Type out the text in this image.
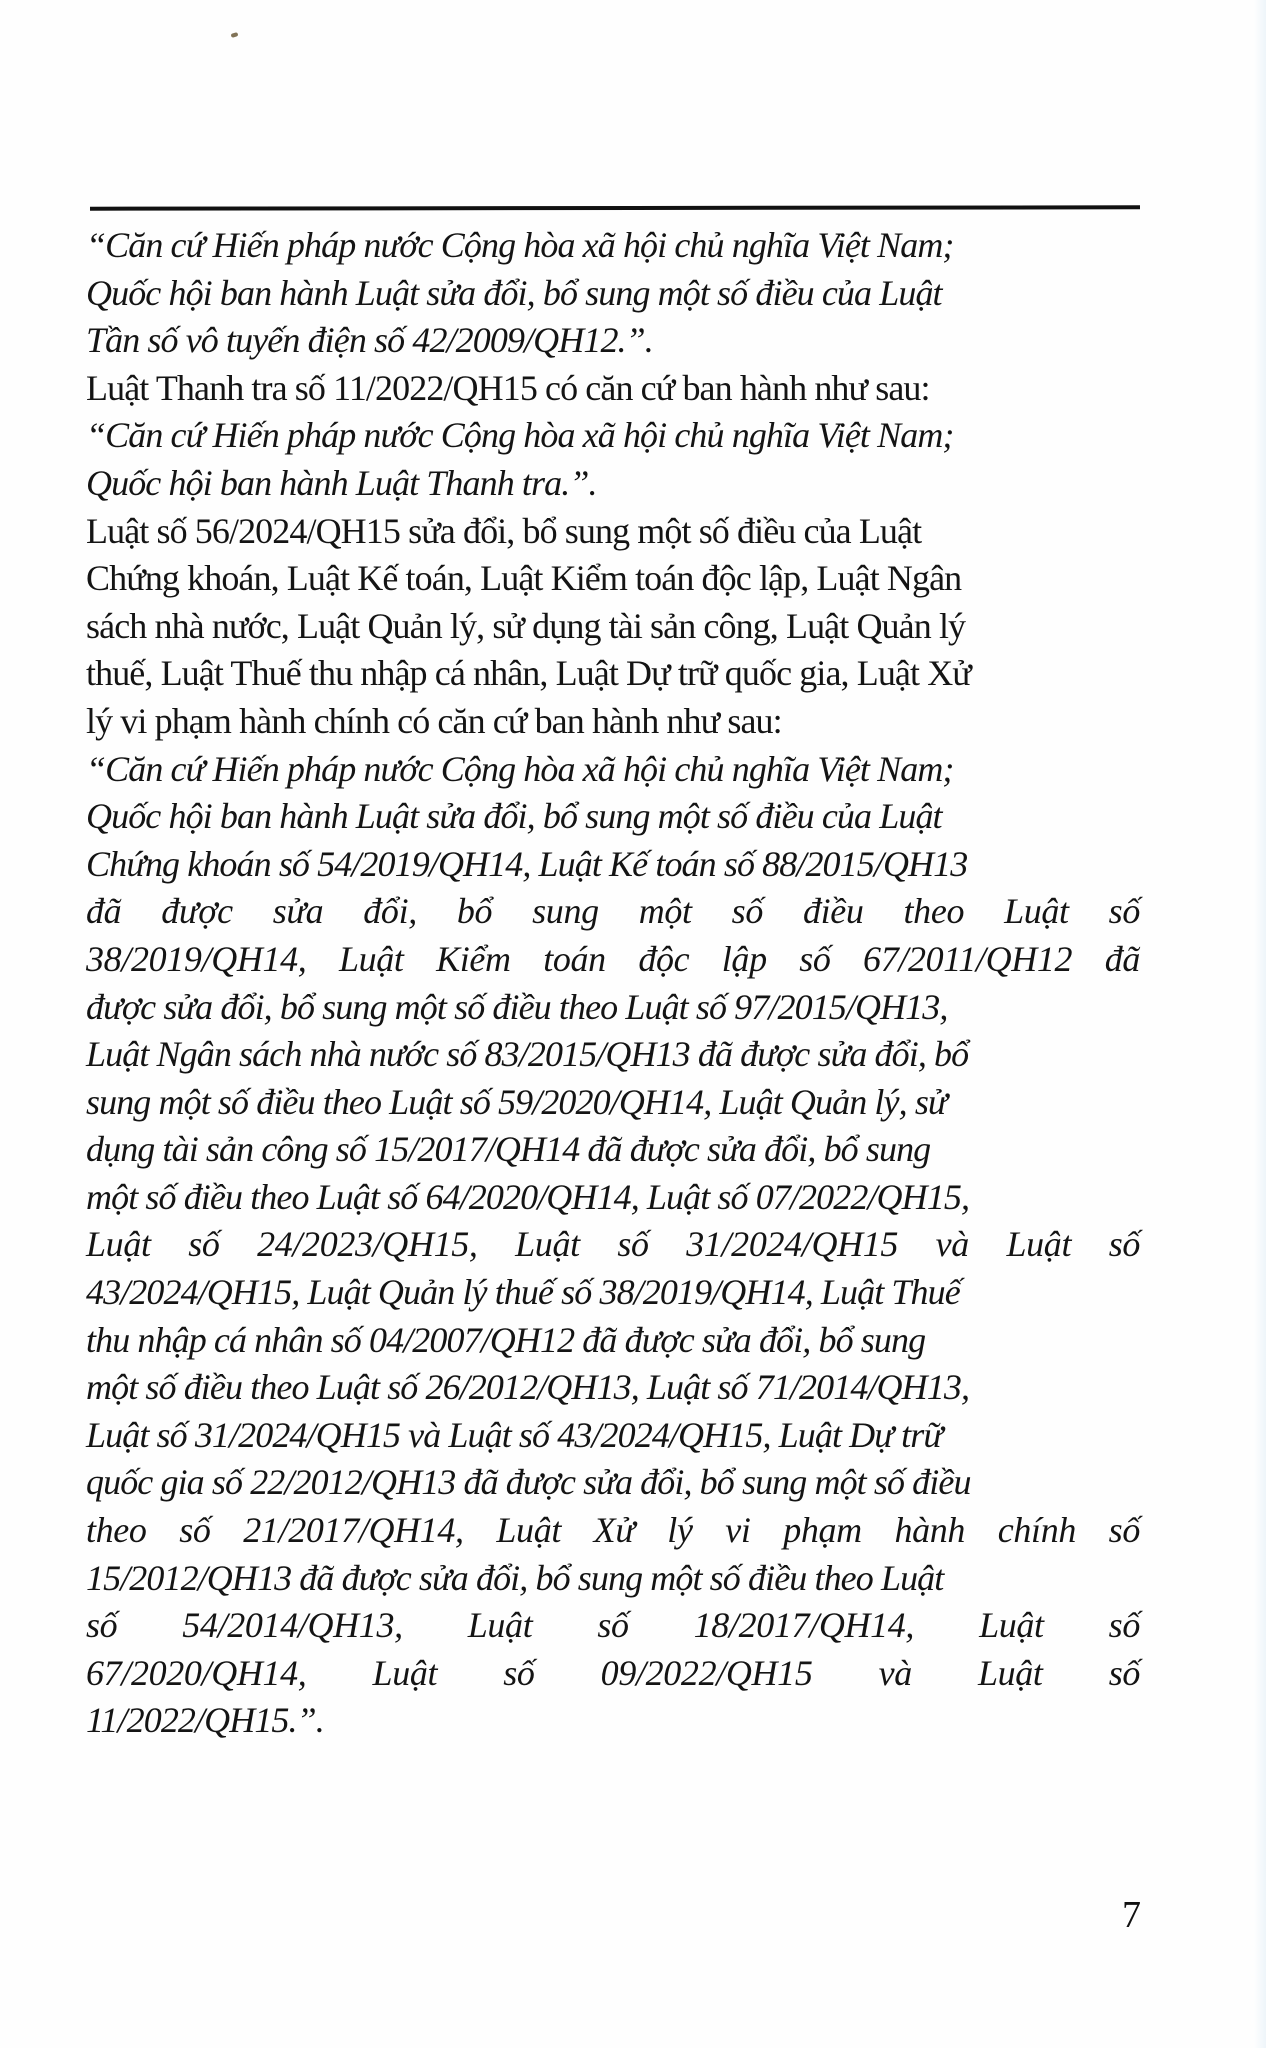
“Căn cứ Hiến pháp nước Cộng hòa xã hội chủ nghĩa Việt Nam;
Quốc hội ban hành Luật sửa đổi, bổ sung một số điều của Luật
Tần số vô tuyến điện số 42/2009/QH12.”.
Luật Thanh tra số 11/2022/QH15 có căn cứ ban hành như sau:
“Căn cứ Hiến pháp nước Cộng hòa xã hội chủ nghĩa Việt Nam;
Quốc hội ban hành Luật Thanh tra.”.
Luật số 56/2024/QH15 sửa đổi, bổ sung một số điều của Luật
Chứng khoán, Luật Kế toán, Luật Kiểm toán độc lập, Luật Ngân
sách nhà nước, Luật Quản lý, sử dụng tài sản công, Luật Quản lý
thuế, Luật Thuế thu nhập cá nhân, Luật Dự trữ quốc gia, Luật Xử
lý vi phạm hành chính có căn cứ ban hành như sau:
“Căn cứ Hiến pháp nước Cộng hòa xã hội chủ nghĩa Việt Nam;
Quốc hội ban hành Luật sửa đổi, bổ sung một số điều của Luật
Chứng khoán số 54/2019/QH14, Luật Kế toán số 88/2015/QH13
đã được sửa đổi, bổ sung một số điều theo Luật số
38/2019/QH14, Luật Kiểm toán độc lập số 67/2011/QH12 đã
được sửa đổi, bổ sung một số điều theo Luật số 97/2015/QH13,
Luật Ngân sách nhà nước số 83/2015/QH13 đã được sửa đổi, bổ
sung một số điều theo Luật số 59/2020/QH14, Luật Quản lý, sử
dụng tài sản công số 15/2017/QH14 đã được sửa đổi, bổ sung
một số điều theo Luật số 64/2020/QH14, Luật số 07/2022/QH15,
Luật số 24/2023/QH15, Luật số 31/2024/QH15 và Luật số
43/2024/QH15, Luật Quản lý thuế số 38/2019/QH14, Luật Thuế
thu nhập cá nhân số 04/2007/QH12 đã được sửa đổi, bổ sung
một số điều theo Luật số 26/2012/QH13, Luật số 71/2014/QH13,
Luật số 31/2024/QH15 và Luật số 43/2024/QH15, Luật Dự trữ
quốc gia số 22/2012/QH13 đã được sửa đổi, bổ sung một số điều
theo số 21/2017/QH14, Luật Xử lý vi phạm hành chính số
15/2012/QH13 đã được sửa đổi, bổ sung một số điều theo Luật
số 54/2014/QH13, Luật số 18/2017/QH14, Luật số
67/2020/QH14, Luật số 09/2022/QH15 và Luật số
11/2022/QH15.”.
7
